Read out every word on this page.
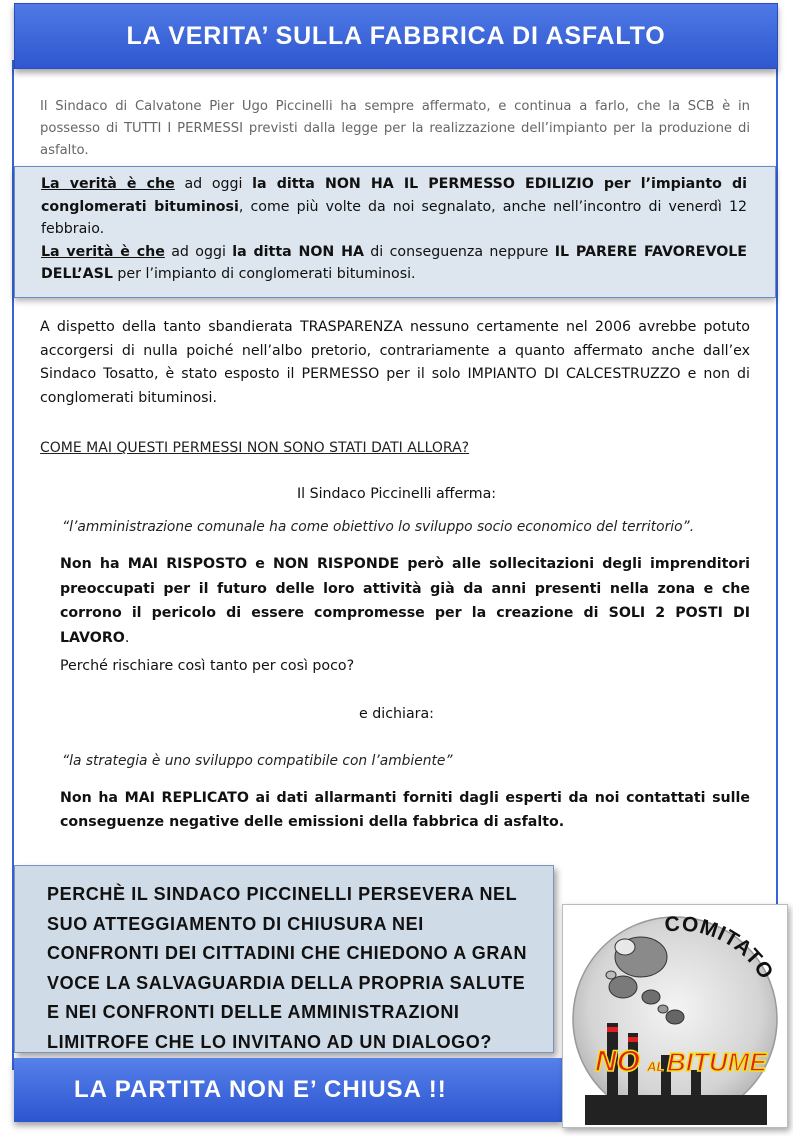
LA VERITA’ SULLA FABBRICA DI ASFALTO

Il Sindaco di Calvatone Pier Ugo Piccinelli ha sempre affermato, e continua a farlo, che la SCB è in possesso di TUTTI I PERMESSI previsti dalla legge per la realizzazione dell’impianto per la produzione di asfalto.

La verità è che ad oggi la ditta NON HA IL PERMESSO EDILIZIO per l’impianto di conglomerati bituminosi, come più volte da noi segnalato, anche nell’incontro di venerdì 12 febbraio.

La verità è che ad oggi la ditta NON HA di conseguenza neppure IL PARERE FAVOREVOLE DELL’ASL per l’impianto di conglomerati bituminosi.

A dispetto della tanto sbandierata TRASPARENZA nessuno certamente nel 2006 avrebbe potuto accorgersi di nulla poiché nell’albo pretorio, contrariamente a quanto affermato anche dall’ex Sindaco Tosatto, è stato esposto il PERMESSO per il solo IMPIANTO DI CALCESTRUZZO e non di conglomerati bituminosi.

COME MAI QUESTI PERMESSI NON SONO STATI DATI ALLORA?

Il Sindaco Piccinelli afferma:

“l’amministrazione comunale ha come obiettivo lo sviluppo socio economico del territorio”.

Non ha MAI RISPOSTO e NON RISPONDE però alle sollecitazioni degli imprenditori preoccupati per il futuro delle loro attività già da anni presenti nella zona e che corrono il pericolo di essere compromesse per la creazione di SOLI 2 POSTI DI LAVORO.

Perché rischiare così tanto per così poco?

e dichiara:

“la strategia è uno sviluppo compatibile con l’ambiente”

Non ha MAI REPLICATO ai dati allarmanti forniti dagli esperti da noi contattati sulle conseguenze negative delle emissioni della fabbrica di asfalto.

PERCHÈ IL SINDACO PICCINELLI PERSEVERA NEL SUO ATTEGGIAMENTO DI CHIUSURA NEI CONFRONTI DEI CITTADINI CHE CHIEDONO A GRAN VOCE LA SALVAGUARDIA DELLA PROPRIA SALUTE E NEI CONFRONTI DELLE AMMINISTRAZIONI LIMITROFE CHE LO INVITANO AD UN DIALOGO?

LA PARTITA NON E’ CHIUSA !!
COMITATO
NO AL BITUME
